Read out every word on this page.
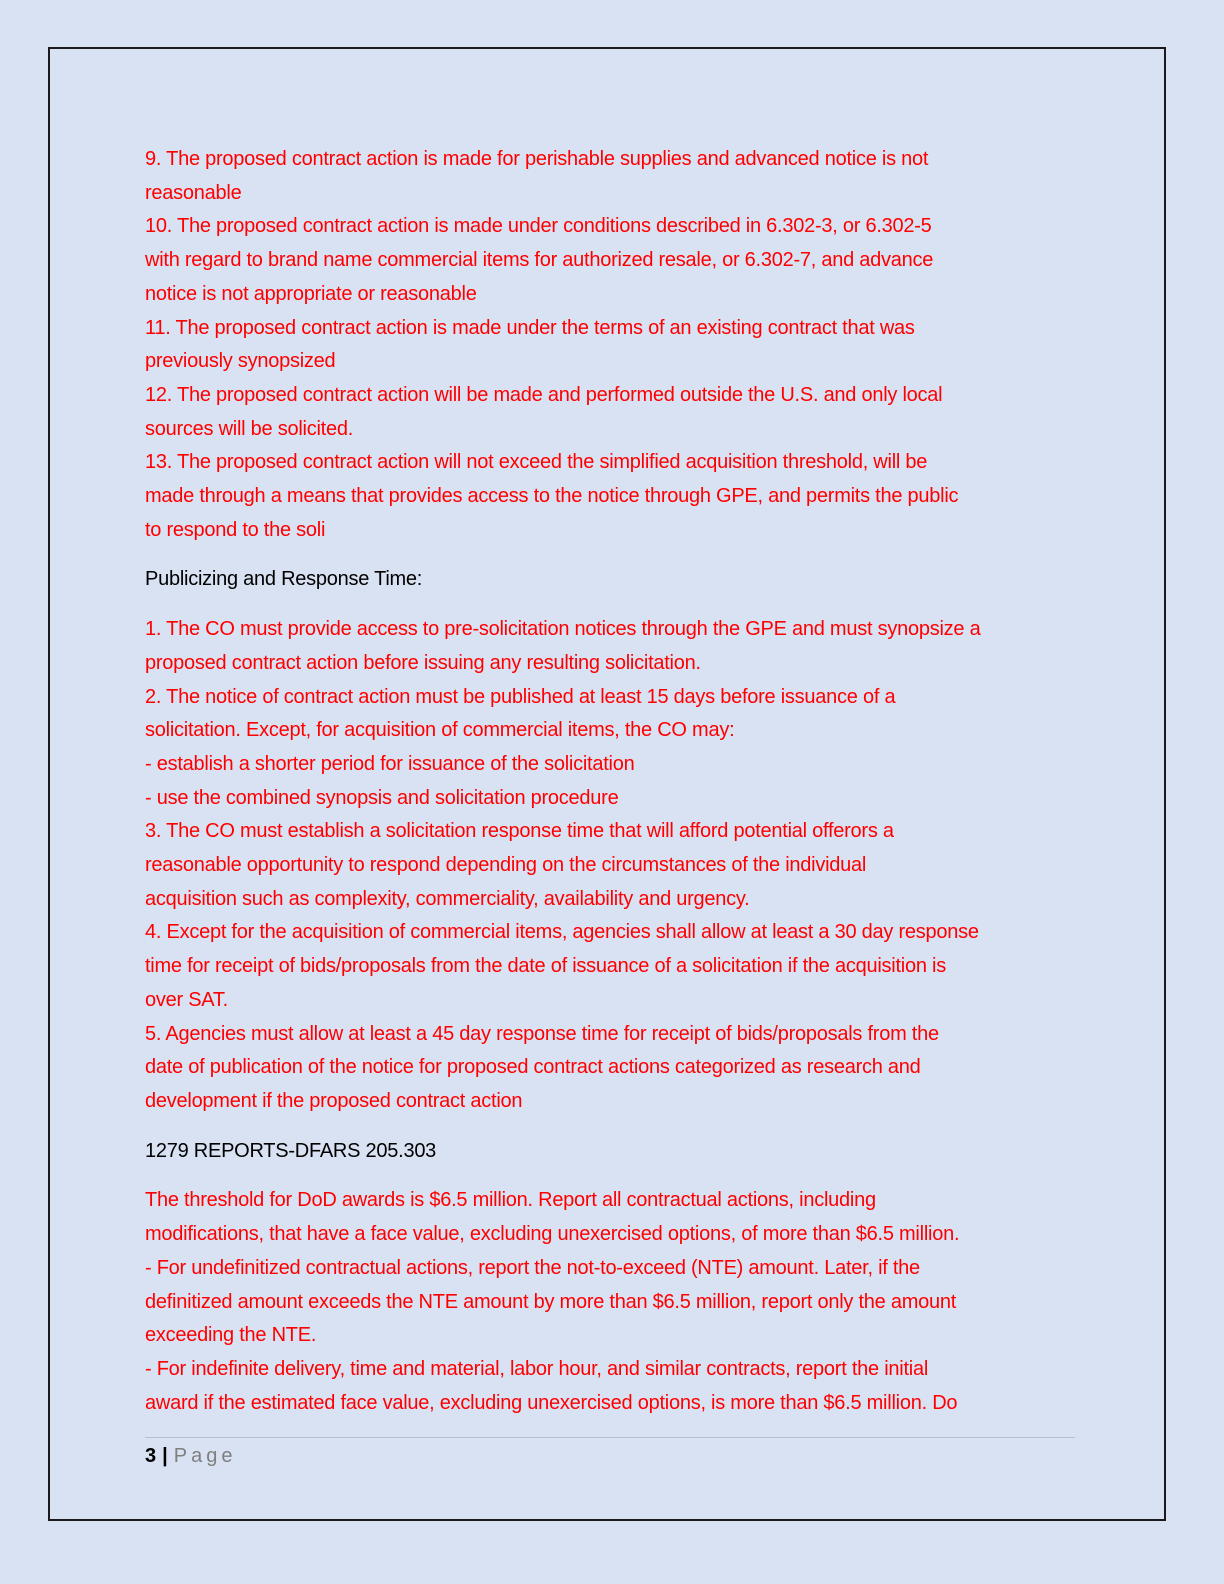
9. The proposed contract action is made for perishable supplies and advanced notice is not
reasonable
10. The proposed contract action is made under conditions described in 6.302-3, or 6.302-5
with regard to brand name commercial items for authorized resale, or 6.302-7, and advance
notice is not appropriate or reasonable
11. The proposed contract action is made under the terms of an existing contract that was
previously synopsized
12. The proposed contract action will be made and performed outside the U.S. and only local
sources will be solicited.
13. The proposed contract action will not exceed the simplified acquisition threshold, will be
made through a means that provides access to the notice through GPE, and permits the public
to respond to the soli
Publicizing and Response Time:
1. The CO must provide access to pre-solicitation notices through the GPE and must synopsize a
proposed contract action before issuing any resulting solicitation.
2. The notice of contract action must be published at least 15 days before issuance of a
solicitation. Except, for acquisition of commercial items, the CO may:
- establish a shorter period for issuance of the solicitation
- use the combined synopsis and solicitation procedure
3. The CO must establish a solicitation response time that will afford potential offerors a
reasonable opportunity to respond depending on the circumstances of the individual
acquisition such as complexity, commerciality, availability and urgency.
4. Except for the acquisition of commercial items, agencies shall allow at least a 30 day response
time for receipt of bids/proposals from the date of issuance of a solicitation if the acquisition is
over SAT.
5. Agencies must allow at least a 45 day response time for receipt of bids/proposals from the
date of publication of the notice for proposed contract actions categorized as research and
development if the proposed contract action
1279 REPORTS-DFARS 205.303
The threshold for DoD awards is $6.5 million. Report all contractual actions, including
modifications, that have a face value, excluding unexercised options, of more than $6.5 million.
- For undefinitized contractual actions, report the not-to-exceed (NTE) amount. Later, if the
definitized amount exceeds the NTE amount by more than $6.5 million, report only the amount
exceeding the NTE.
- For indefinite delivery, time and material, labor hour, and similar contracts, report the initial
award if the estimated face value, excluding unexercised options, is more than $6.5 million. Do
3 | Page
